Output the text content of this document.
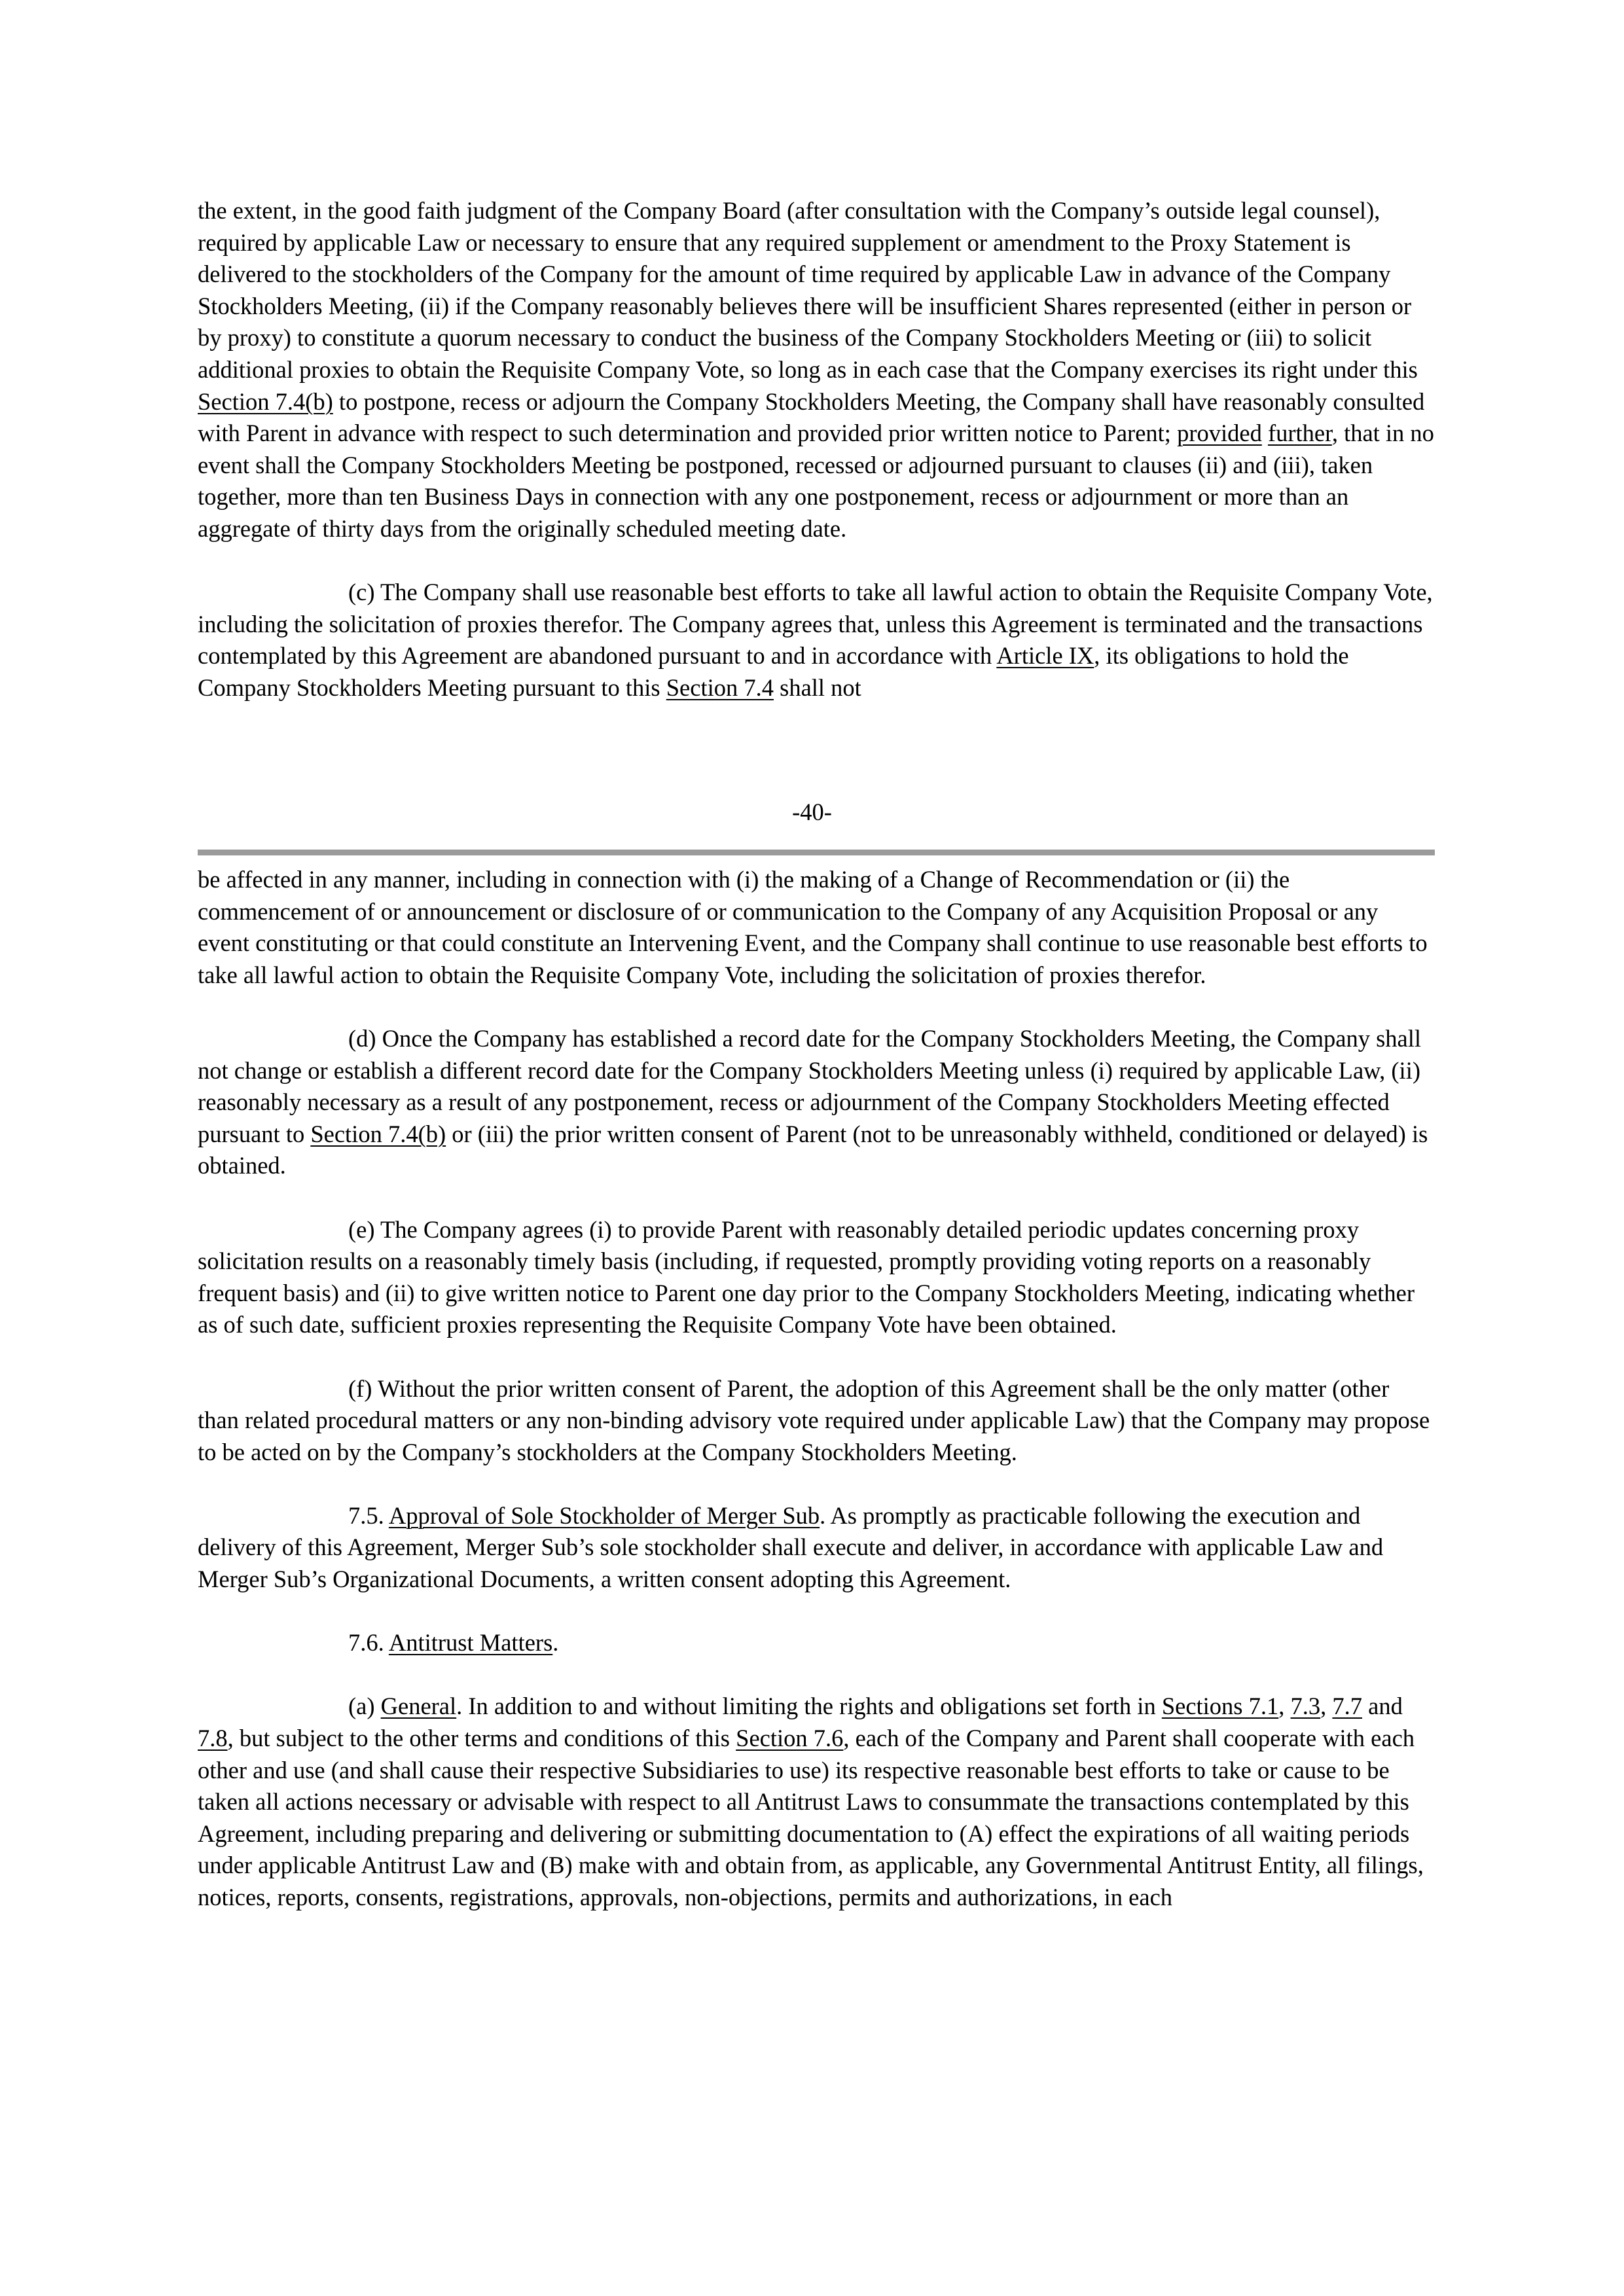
the extent, in the good faith judgment of the Company Board (after consultation with the Company’s outside legal counsel), required by applicable Law or necessary to ensure that any required supplement or amendment to the Proxy Statement is delivered to the stockholders of the Company for the amount of time required by applicable Law in advance of the Company Stockholders Meeting, (ii) if the Company reasonably believes there will be insufficient Shares represented (either in person or by proxy) to constitute a quorum necessary to conduct the business of the Company Stockholders Meeting or (iii) to solicit additional proxies to obtain the Requisite Company Vote, so long as in each case that the Company exercises its right under this Section 7.4(b) to postpone, recess or adjourn the Company Stockholders Meeting, the Company shall have reasonably consulted with Parent in advance with respect to such determination and provided prior written notice to Parent; provided further, that in no event shall the Company Stockholders Meeting be postponed, recessed or adjourned pursuant to clauses (ii) and (iii), taken together, more than ten Business Days in connection with any one postponement, recess or adjournment or more than an aggregate of thirty days from the originally scheduled meeting date.

(c) The Company shall use reasonable best efforts to take all lawful action to obtain the Requisite Company Vote, including the solicitation of proxies therefor. The Company agrees that, unless this Agreement is terminated and the transactions contemplated by this Agreement are abandoned pursuant to and in accordance with Article IX, its obligations to hold the Company Stockholders Meeting pursuant to this Section 7.4 shall not

-40-

be affected in any manner, including in connection with (i) the making of a Change of Recommendation or (ii) the commencement of or announcement or disclosure of or communication to the Company of any Acquisition Proposal or any event constituting or that could constitute an Intervening Event, and the Company shall continue to use reasonable best efforts to take all lawful action to obtain the Requisite Company Vote, including the solicitation of proxies therefor.

(d) Once the Company has established a record date for the Company Stockholders Meeting, the Company shall not change or establish a different record date for the Company Stockholders Meeting unless (i) required by applicable Law, (ii) reasonably necessary as a result of any postponement, recess or adjournment of the Company Stockholders Meeting effected pursuant to Section 7.4(b) or (iii) the prior written consent of Parent (not to be unreasonably withheld, conditioned or delayed) is obtained.

(e) The Company agrees (i) to provide Parent with reasonably detailed periodic updates concerning proxy solicitation results on a reasonably timely basis (including, if requested, promptly providing voting reports on a reasonably frequent basis) and (ii) to give written notice to Parent one day prior to the Company Stockholders Meeting, indicating whether as of such date, sufficient proxies representing the Requisite Company Vote have been obtained.

(f) Without the prior written consent of Parent, the adoption of this Agreement shall be the only matter (other than related procedural matters or any non-binding advisory vote required under applicable Law) that the Company may propose to be acted on by the Company’s stockholders at the Company Stockholders Meeting.

7.5. Approval of Sole Stockholder of Merger Sub. As promptly as practicable following the execution and delivery of this Agreement, Merger Sub’s sole stockholder shall execute and deliver, in accordance with applicable Law and Merger Sub’s Organizational Documents, a written consent adopting this Agreement.

7.6. Antitrust Matters.

(a) General. In addition to and without limiting the rights and obligations set forth in Sections 7.1, 7.3, 7.7 and 7.8, but subject to the other terms and conditions of this Section 7.6, each of the Company and Parent shall cooperate with each other and use (and shall cause their respective Subsidiaries to use) its respective reasonable best efforts to take or cause to be taken all actions necessary or advisable with respect to all Antitrust Laws to consummate the transactions contemplated by this Agreement, including preparing and delivering or submitting documentation to (A) effect the expirations of all waiting periods under applicable Antitrust Law and (B) make with and obtain from, as applicable, any Governmental Antitrust Entity, all filings, notices, reports, consents, registrations, approvals, non-objections, permits and authorizations, in each
